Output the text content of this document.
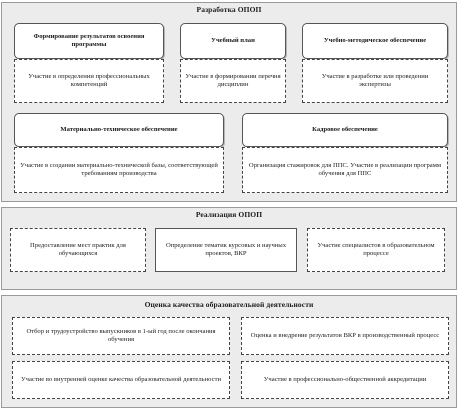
Разработка ОПОП
Формирование результатов освоения программы
Участие в определении профессиональных компетенций
Учебный план
Участие в формировании перечня дисциплин
Учебно-методическое обеспечение
Участие в разработке или проведении экспертизы
Материально-техническое обеспечение
Участие в создании материально-технической базы, соответствующей требованиям производства
Кадровое обеспечение
Организация стажировок для ППС. Участие в реализации программ обучения для ППС
Реализация ОПОП
Предоставление мест практик для обучающихся
Определение тематик курсовых и научных проектов, ВКР
Участие специалистов в образовательном процессе
Оценка качества образовательной деятельности
Отбор и трудоустройство выпускников в 1-ый год после окончания обучения
Оценка и внедрение результатов ВКР в производственный процесс
Участие во внутренней оценке качества образовательной деятельности	Участие в профессионально-общественной аккредитации
